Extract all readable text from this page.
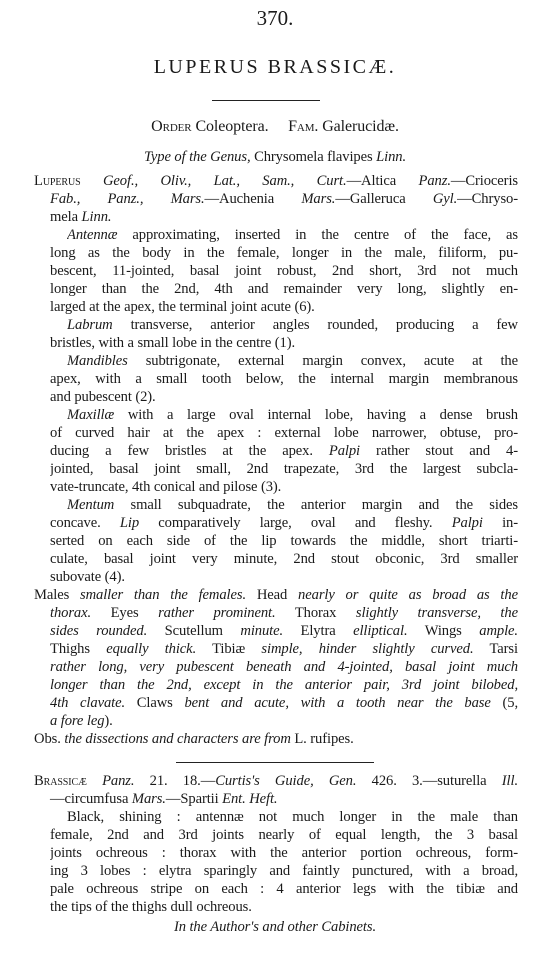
370.
LUPERUS BRASSICÆ.
Order Coleoptera. Fam. Galerucidæ.
Type of the Genus, Chrysomela flavipes Linn.
Luperus Geof., Oliv., Lat., Sam., Curt.—Altica Panz.—Crioceris
Fab., Panz., Mars.—Auchenia Mars.—Galleruca Gyl.—Chryso-
mela Linn.
Antennæ approximating, inserted in the centre of the face, as
long as the body in the female, longer in the male, filiform, pu-
bescent, 11-jointed, basal joint robust, 2nd short, 3rd not much
longer than the 2nd, 4th and remainder very long, slightly en-
larged at the apex, the terminal joint acute (6).
Labrum transverse, anterior angles rounded, producing a few
bristles, with a small lobe in the centre (1).
Mandibles subtrigonate, external margin convex, acute at the
apex, with a small tooth below, the internal margin membranous
and pubescent (2).
Maxillæ with a large oval internal lobe, having a dense brush
of curved hair at the apex : external lobe narrower, obtuse, pro-
ducing a few bristles at the apex. Palpi rather stout and 4-
jointed, basal joint small, 2nd trapezate, 3rd the largest subcla-
vate-truncate, 4th conical and pilose (3).
Mentum small subquadrate, the anterior margin and the sides
concave. Lip comparatively large, oval and fleshy. Palpi in-
serted on each side of the lip towards the middle, short triarti-
culate, basal joint very minute, 2nd stout obconic, 3rd smaller
subovate (4).
Males smaller than the females. Head nearly or quite as broad as the
thorax. Eyes rather prominent. Thorax slightly transverse, the
sides rounded. Scutellum minute. Elytra elliptical. Wings ample.
Thighs equally thick. Tibiæ simple, hinder slightly curved. Tarsi
rather long, very pubescent beneath and 4-jointed, basal joint much
longer than the 2nd, except in the anterior pair, 3rd joint bilobed,
4th clavate. Claws bent and acute, with a tooth near the base (5,
a fore leg).
Obs. the dissections and characters are from L. rufipes.
Brassicæ Panz. 21. 18.—Curtis's Guide, Gen. 426. 3.—suturella Ill.
—circumfusa Mars.—Spartii Ent. Heft.
Black, shining : antennæ not much longer in the male than
female, 2nd and 3rd joints nearly of equal length, the 3 basal
joints ochreous : thorax with the anterior portion ochreous, form-
ing 3 lobes : elytra sparingly and faintly punctured, with a broad,
pale ochreous stripe on each : 4 anterior legs with the tibiæ and
the tips of the thighs dull ochreous.
In the Author's and other Cabinets.
